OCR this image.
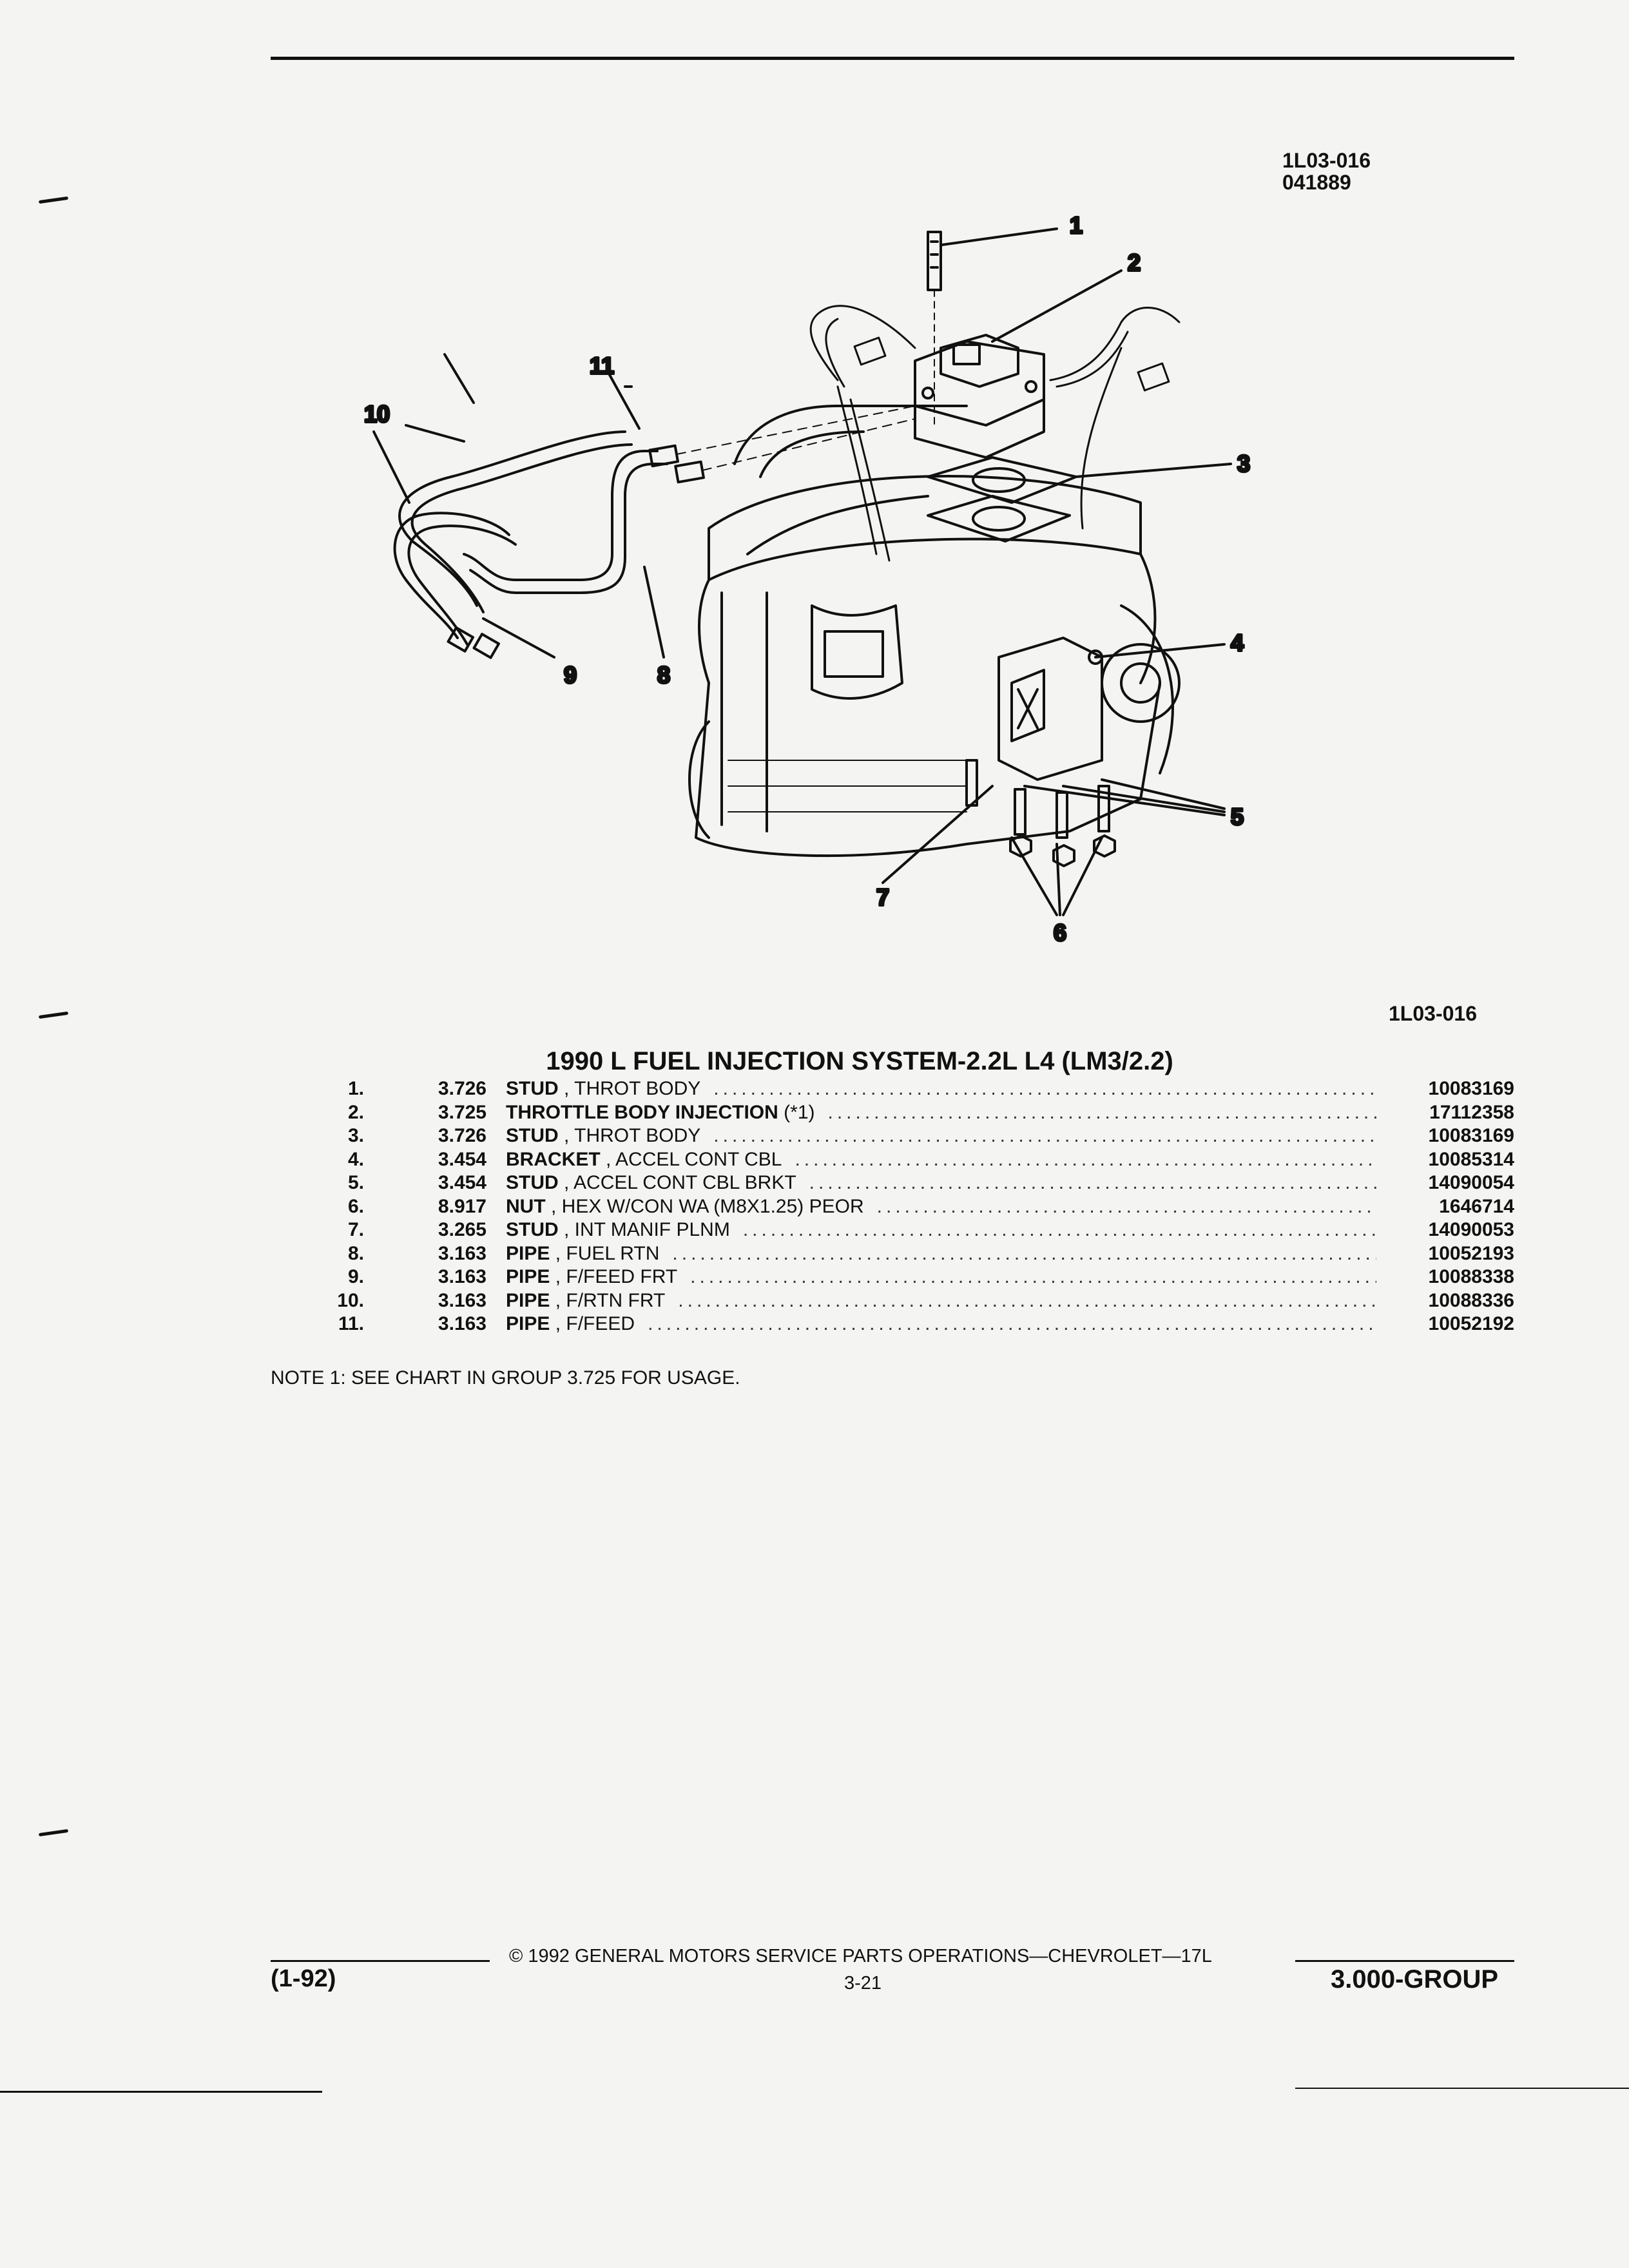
1L03-016
041889
1
2
3
4
5
6
7
8
9
10
11
1L03-016
1990 L FUEL INJECTION SYSTEM-2.2L L4 (LM3/2.2)
1.	3.726 STUD , THROT BODY .....	10083169
2.	3.725 THROTTLE BODY INJECTION (*1) .....	17112358
3.	3.726 STUD , THROT BODY .....	10083169
4.	3.454 BRACKET , ACCEL CONT CBL .....	10085314
5.	3.454 STUD , ACCEL CONT CBL BRKT .....	14090054
6.	8.917 NUT , HEX W/CON WA (M8X1.25) PEOR .....	1646714
7.	3.265 STUD , INT MANIF PLNM .....	14090053
8.	3.163 PIPE , FUEL RTN .....	10052193
9.	3.163 PIPE , F/FEED FRT .....	10088338
10.	3.163 PIPE , F/RTN FRT .....	10088336
11.	3.163 PIPE , F/FEED .....	10052192
NOTE 1: SEE CHART IN GROUP 3.725 FOR USAGE.
© 1992 GENERAL MOTORS SERVICE PARTS OPERATIONS—CHEVROLET—17L
(1-92)	3-21	3.000-GROUP
